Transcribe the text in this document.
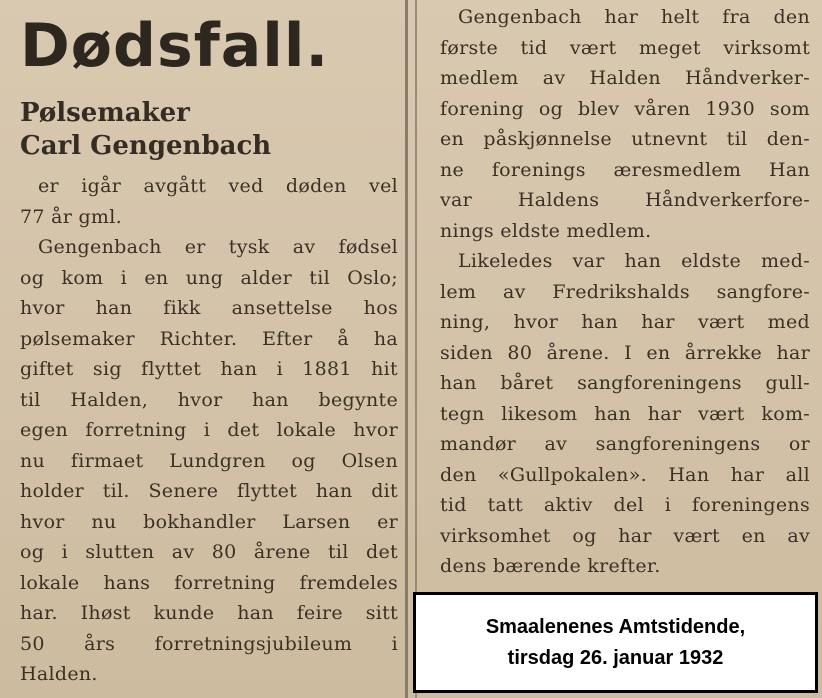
Dødsfall.
Pølsemaker
Carl Gengenbach
er igår avgått ved døden vel
77 år gml.
Gengenbach er tysk av fødsel
og kom i en ung alder til Oslo;
hvor han fikk ansettelse hos
pølsemaker Richter. Efter å ha
giftet sig flyttet han i 1881 hit
til Halden, hvor han begynte
egen forretning i det lokale hvor
nu firmaet Lundgren og Olsen
holder til. Senere flyttet han dit
hvor nu bokhandler Larsen er
og i slutten av 80 årene til det
lokale hans forretning fremdeles
har. Ihøst kunde han feire sitt
50 års forretningsjubileum i
Halden.
Gengenbach har helt fra den
første tid vært meget virksomt
medlem av Halden Håndverker-
forening og blev våren 1930 som
en påskjønnelse utnevnt til den-
ne forenings æresmedlem Han
var Haldens Håndverkerfore-
nings eldste medlem.
Likeledes var han eldste med-
lem av Fredrikshalds sangfore-
ning, hvor han har vært med
siden 80 årene. I en årrekke har
han båret sangforeningens gull-
tegn likesom han har vært kom-
mandør av sangforeningens or
den «Gullpokalen». Han har all
tid tatt aktiv del i foreningens
virksomhet og har vært en av
dens bærende krefter.
Smaalenenes Amtstidende,
tirsdag 26. januar 1932
